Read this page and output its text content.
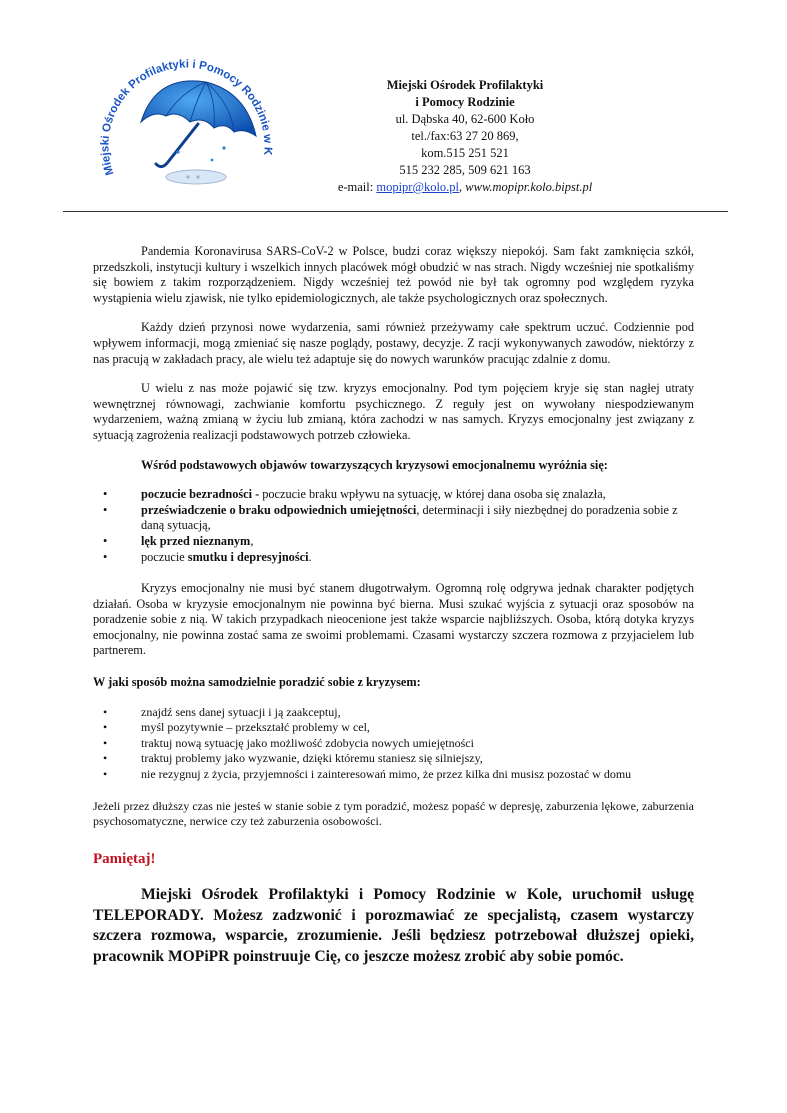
Miejski Ośrodek Profilaktyki i Pomocy Rodzinie w K
Miejski Ośrodek Profilaktyki
i Pomocy Rodzinie
ul. Dąbska 40, 62-600 Koło
tel./fax:63 27 20 869,
kom.515 251 521
515 232 285, 509 621 163
e-mail: mopipr@kolo.pl, www.mopipr.kolo.bipst.pl

Pandemia Koronavirusa SARS-CoV-2 w Polsce, budzi coraz większy niepokój. Sam fakt zamknięcia szkół, przedszkoli, instytucji kultury i wszelkich innych placówek mógł obudzić w nas strach. Nigdy wcześniej nie spotkaliśmy się bowiem z takim rozporządzeniem. Nigdy wcześniej też powód nie był tak ogromny pod względem ryzyka wystąpienia wielu zjawisk, nie tylko epidemiologicznych, ale także psychologicznych oraz społecznych.

Każdy dzień przynosi nowe wydarzenia, sami również przeżywamy całe spektrum uczuć. Codziennie pod wpływem informacji, mogą zmieniać się nasze poglądy, postawy, decyzje. Z racji wykonywanych zawodów, niektórzy z nas pracują w zakładach pracy, ale wielu też adaptuje się do nowych warunków pracując zdalnie z domu.

U wielu z nas może pojawić się tzw. kryzys emocjonalny. Pod tym pojęciem kryje się stan nagłej utraty wewnętrznej równowagi, zachwianie komfortu psychicznego. Z reguły jest on wywołany niespodziewanym wydarzeniem, ważną zmianą w życiu lub zmianą, która zachodzi w nas samych. Kryzys emocjonalny jest związany z sytuacją zagrożenia realizacji podstawowych potrzeb człowieka.

Wśród podstawowych objawów towarzyszących kryzysowi emocjonalnemu wyróżnia się:
•	poczucie bezradności - poczucie braku wpływu na sytuację, w której dana osoba się znalazła,
•	przeświadczenie o braku odpowiednich umiejętności, determinacji i siły niezbędnej do poradzenia sobie z daną sytuacją,
•	lęk przed nieznanym,
•	poczucie smutku i depresyjności.

Kryzys emocjonalny nie musi być stanem długotrwałym. Ogromną rolę odgrywa jednak charakter podjętych działań. Osoba w kryzysie emocjonalnym nie powinna być bierna. Musi szukać wyjścia z sytuacji oraz sposobów na poradzenie sobie z nią. W takich przypadkach nieocenione jest także wsparcie najbliższych. Osoba, którą dotyka kryzys emocjonalny, nie powinna zostać sama ze swoimi problemami. Czasami wystarczy szczera rozmowa z przyjacielem lub partnerem.

W jaki sposób można samodzielnie poradzić sobie z kryzysem:

•	znajdź sens danej sytuacji i ją zaakceptuj,
•	myśl pozytywnie – przekształć problemy w cel,
•	traktuj nową sytuację jako możliwość zdobycia nowych umiejętności
•	traktuj problemy jako wyzwanie, dzięki któremu staniesz się silniejszy,
•	nie rezygnuj z życia, przyjemności i zainteresowań mimo, że przez kilka dni musisz pozostać w domu

Jeżeli przez dłuższy czas nie jesteś w stanie sobie z tym poradzić, możesz popaść w depresję, zaburzenia lękowe, zaburzenia psychosomatyczne, nerwice czy też zaburzenia osobowości.

Pamiętaj!

Miejski Ośrodek Profilaktyki i Pomocy Rodzinie w Kole, uruchomił usługę TELEPORADY. Możesz zadzwonić i porozmawiać ze specjalistą, czasem wystarczy szczera rozmowa, wsparcie, zrozumienie. Jeśli będziesz potrzebował dłuższej opieki, pracownik MOPiPR poinstruuje Cię, co jeszcze możesz zrobić aby sobie pomóc.
